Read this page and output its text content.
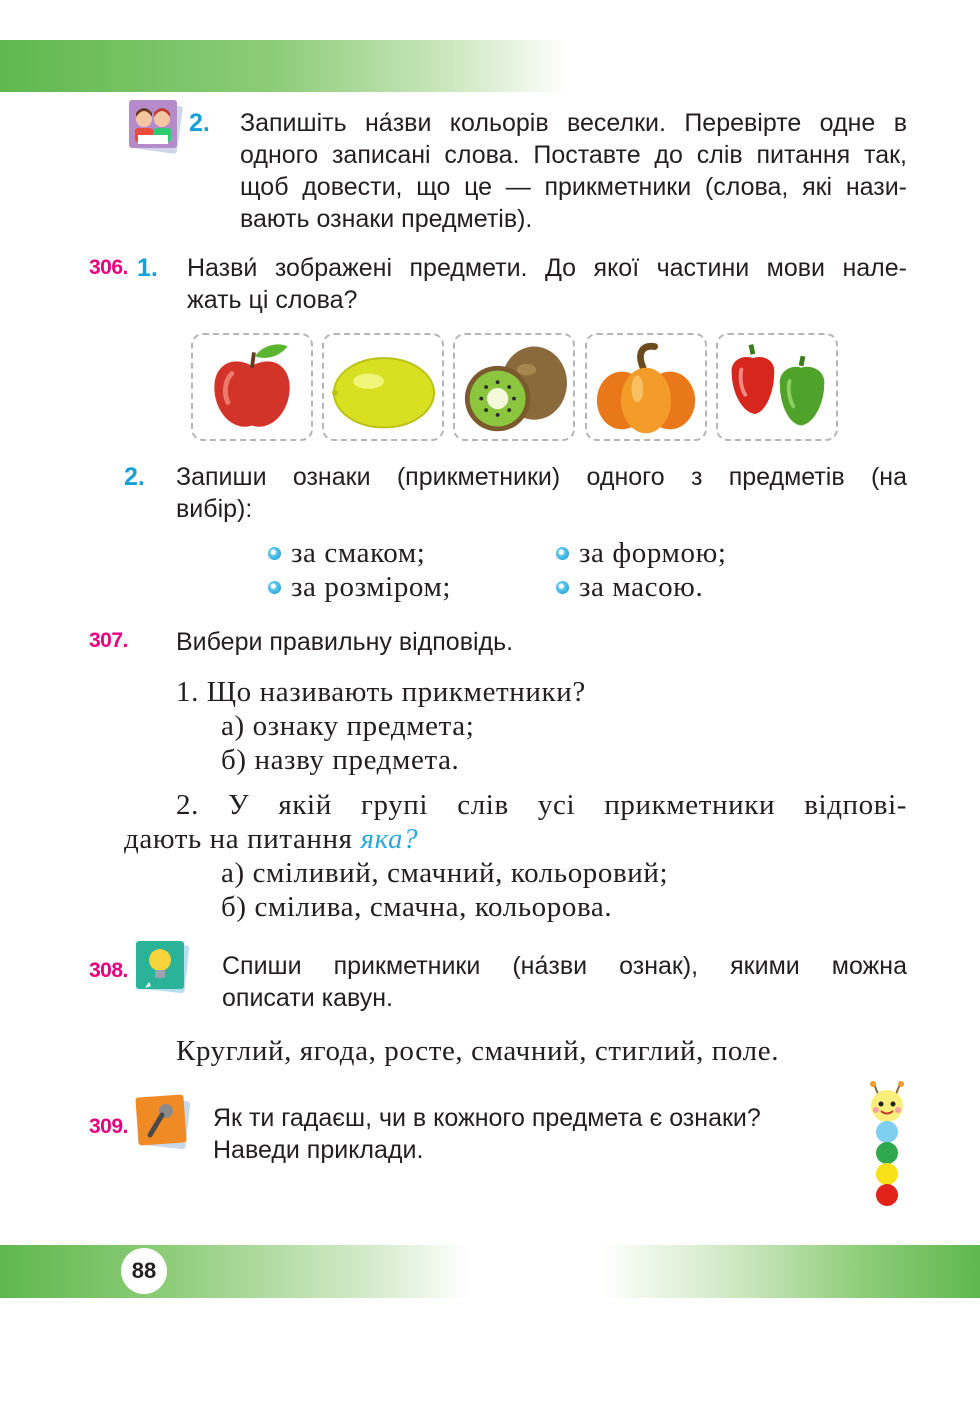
88
2. Запишіть на́зви кольорів веселки. Перевірте одне в
одного записані слова. Поставте до слів питання так,
щоб довести, що це — прикметники (слова, які нази-
вають ознаки предметів).
306. 1. Назви́ зображені предмети. До якої частини мови нале-
жать ці слова?
2. Запиши ознаки (прикметники) одного з предметів (на
вибір):
за смаком;	за формою;
за розміром;	за масою.
307. Вибери правильну відповідь.
1. Що називають прикметники?
а) ознаку предмета;
б) назву предмета.
2. У якій групі слів усі прикметники відпові-
дають на питання яка?
а) сміливий, смачний, кольоровий;
б) смілива, смачна, кольорова.
308.	Спиши прикметники (на́зви ознак), якими можна
описати кавун.
Круглий, ягода, росте, смачний, стиглий, поле.
309.	Як ти гадаєш, чи в кожного предмета є ознаки?
Наведи приклади.
